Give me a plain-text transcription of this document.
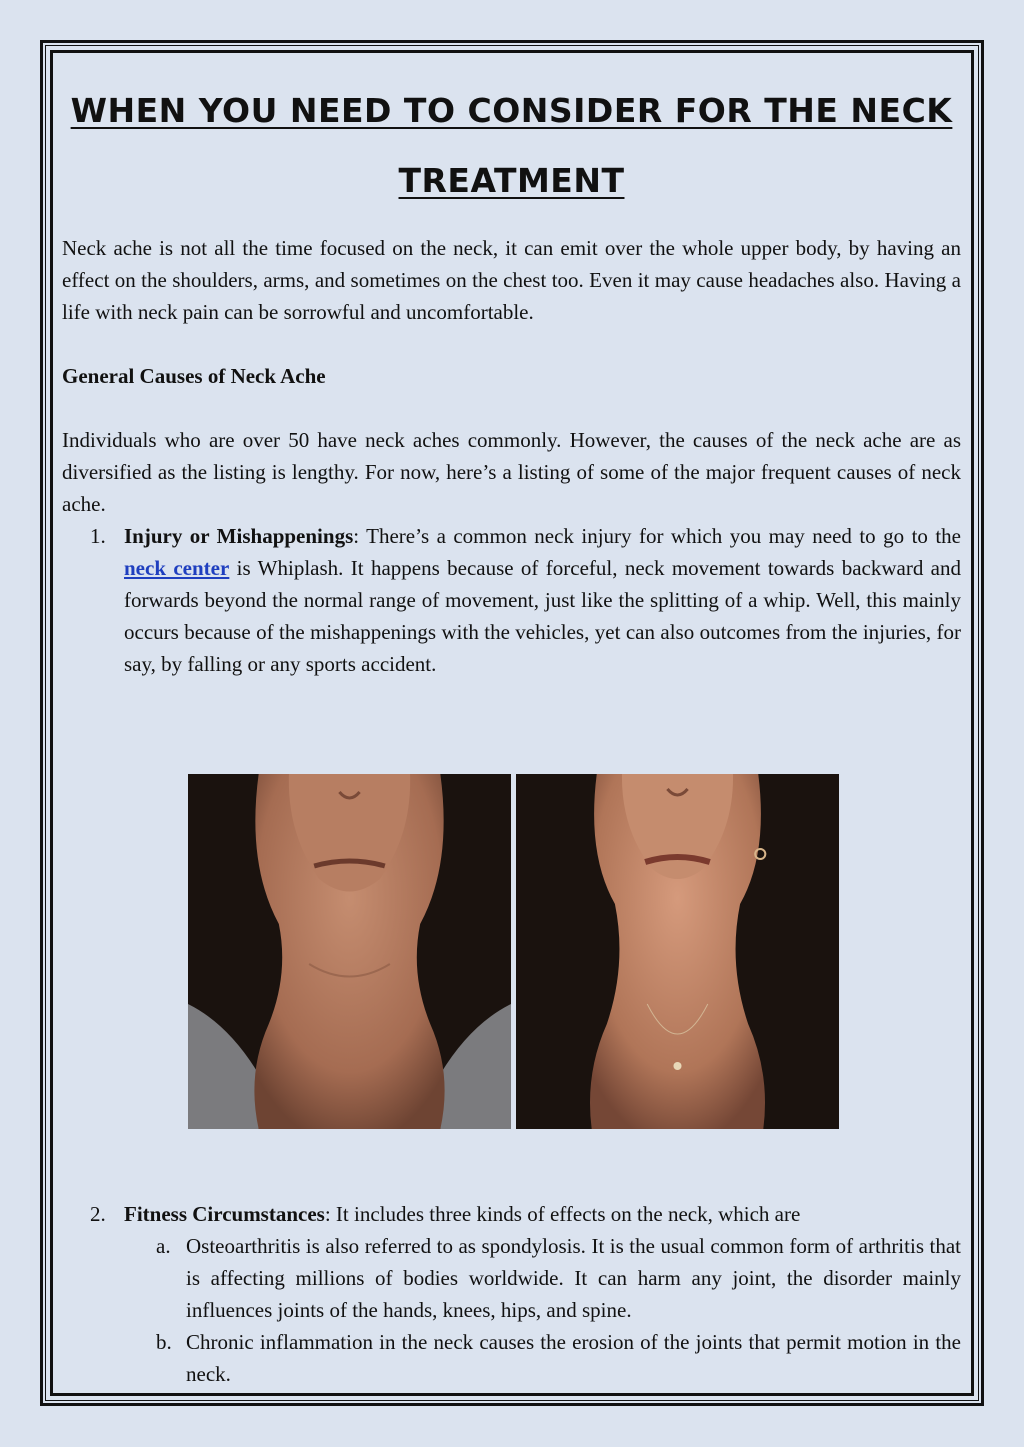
WHEN YOU NEED TO CONSIDER FOR THE NECK TREATMENT

Neck ache is not all the time focused on the neck, it can emit over the whole upper body, by having an effect on the shoulders, arms, and sometimes on the chest too. Even it may cause headaches also. Having a life with neck pain can be sorrowful and uncomfortable.

General Causes of Neck Ache

Individuals who are over 50 have neck aches commonly. However, the causes of the neck ache are as diversified as the listing is lengthy. For now, here’s a listing of some of the major frequent causes of neck ache.

1. Injury or Mishappenings: There’s a common neck injury for which you may need to go to the neck center is Whiplash. It happens because of forceful, neck movement towards backward and forwards beyond the normal range of movement, just like the splitting of a whip. Well, this mainly occurs because of the mishappenings with the vehicles, yet can also outcomes from the injuries, for say, by falling or any sports accident.
2. Fitness Circumstances: It includes three kinds of effects on the neck, which are
a. Osteoarthritis is also referred to as spondylosis. It is the usual common form of arthritis that is affecting millions of bodies worldwide. It can harm any joint, the disorder mainly influences joints of the hands, knees, hips, and spine.
b. Chronic inflammation in the neck causes the erosion of the joints that permit motion in the neck.
